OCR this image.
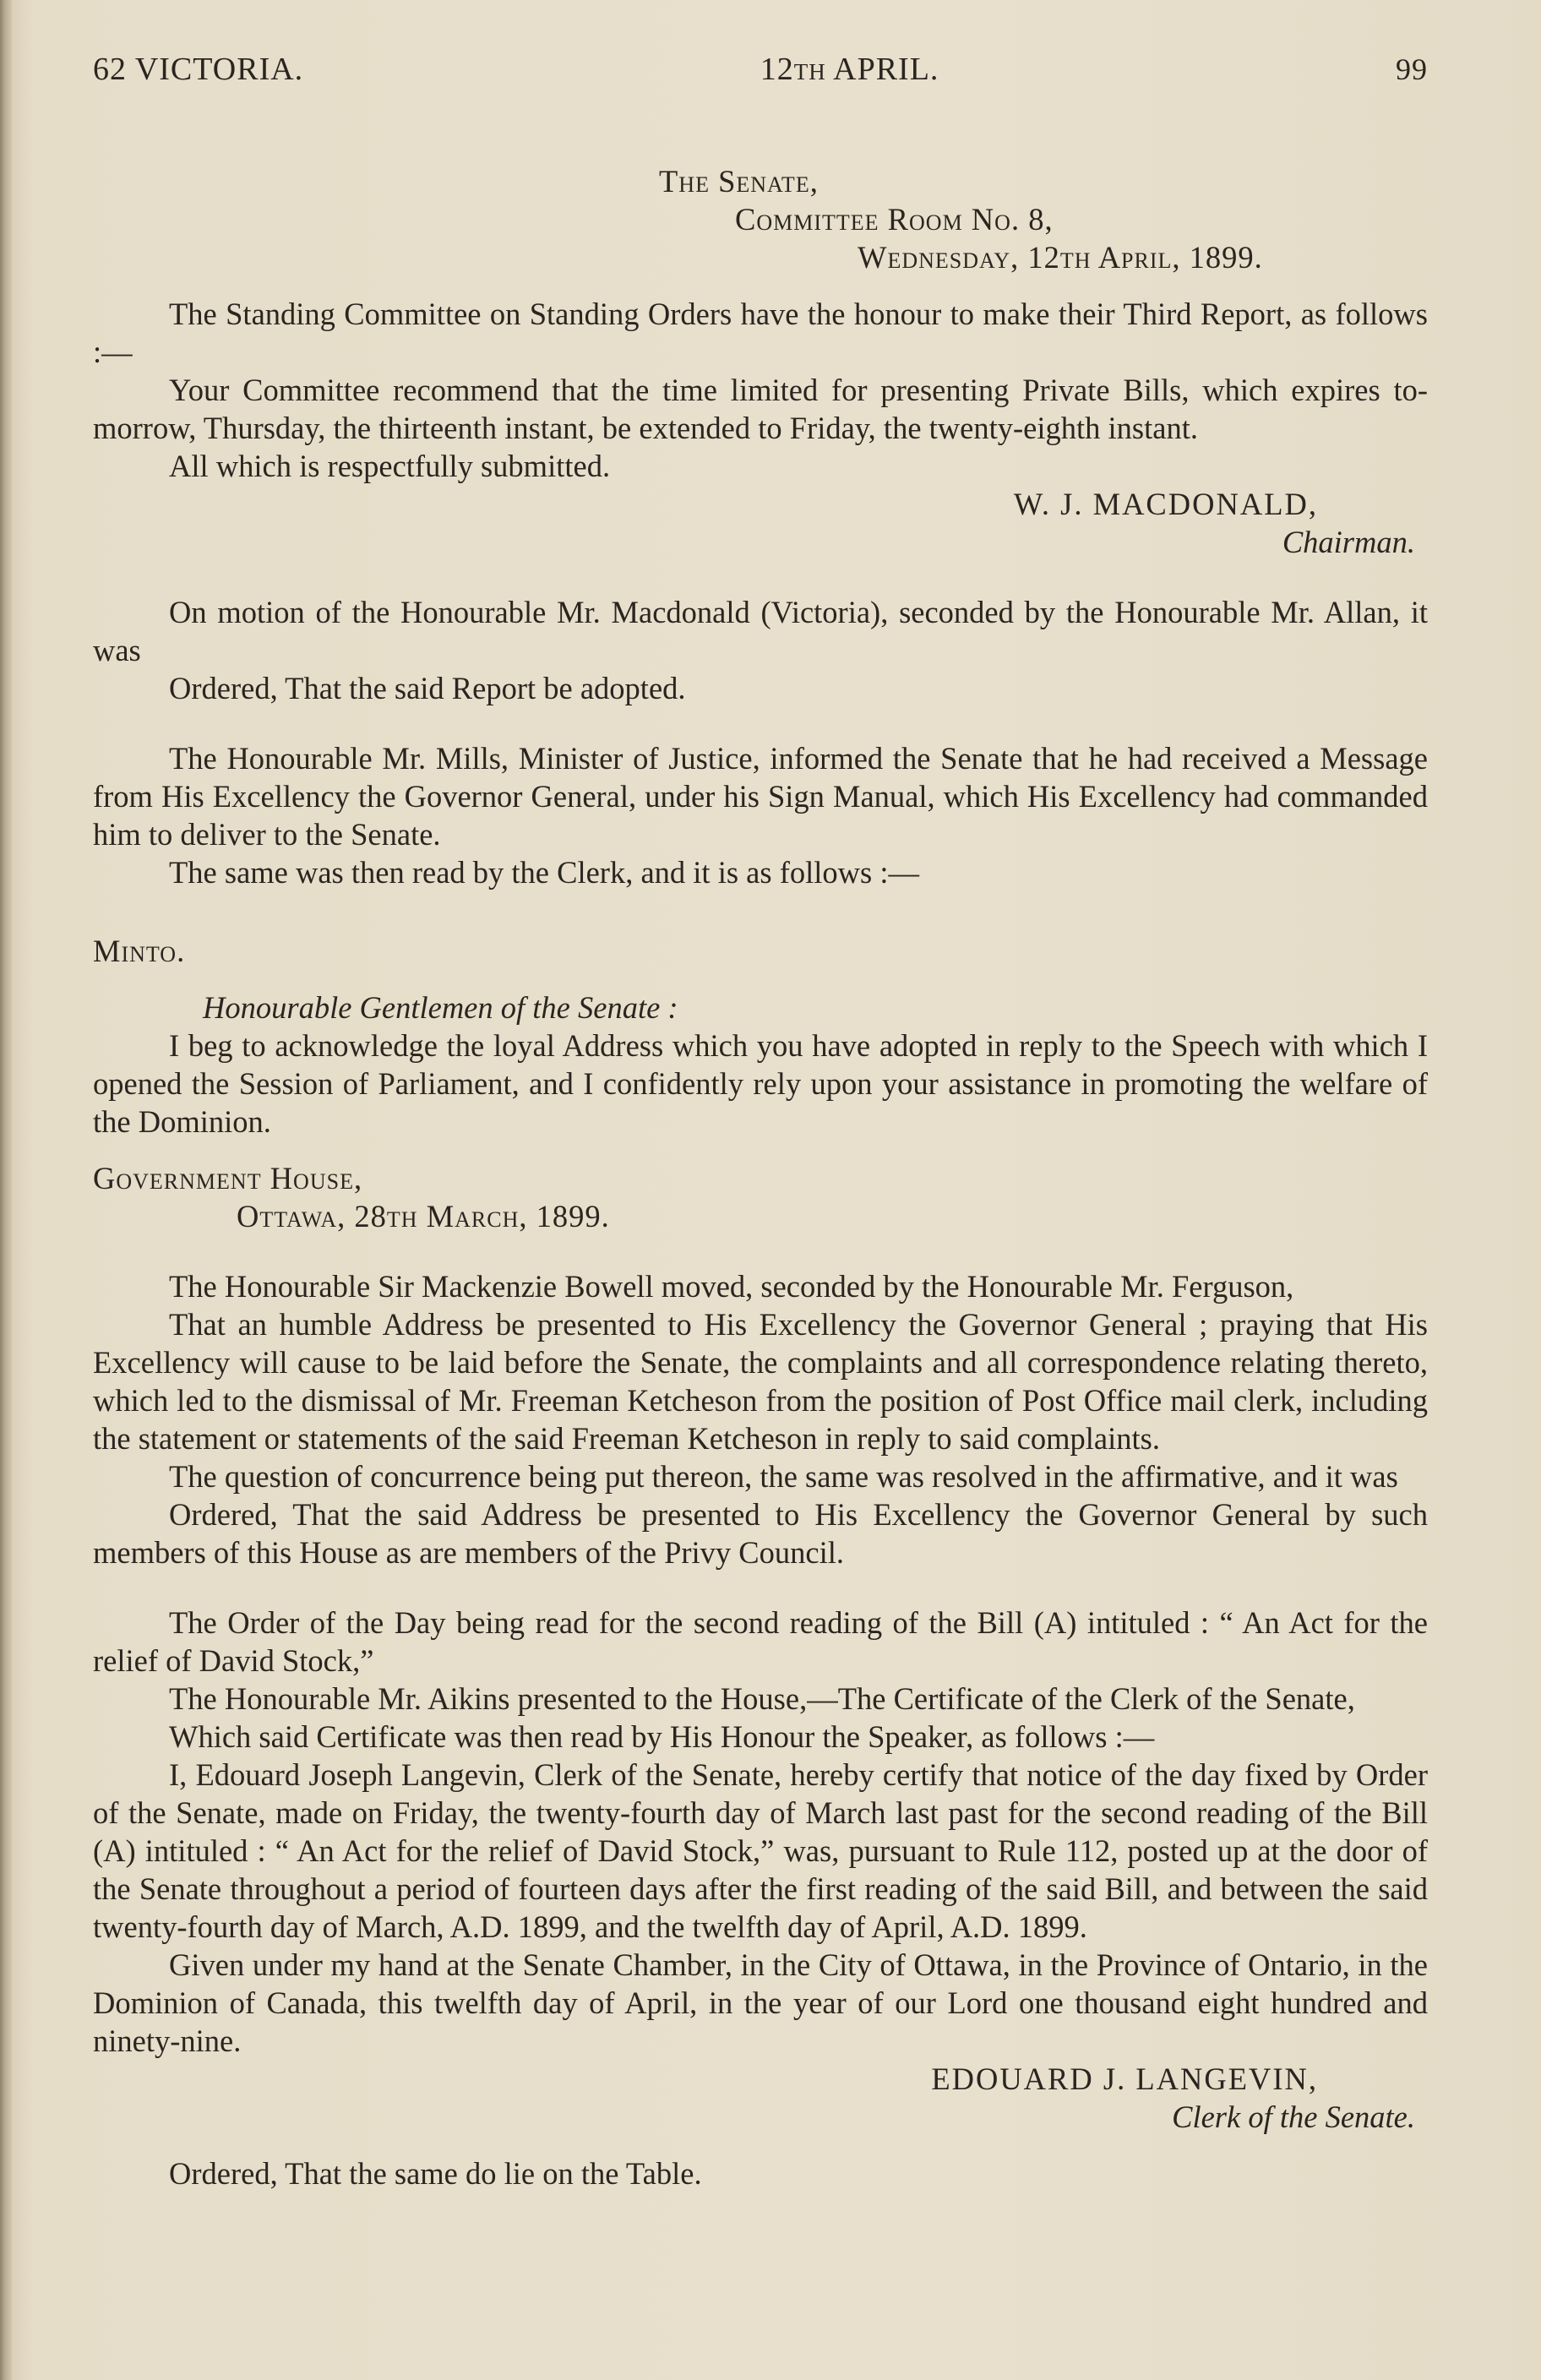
62 VICTORIA.	12th APRIL.	99
The Senate,
Committee Room No. 8,
Wednesday, 12th April, 1899.

The Standing Committee on Standing Orders have the honour to make their Third Report, as follows :—

Your Committee recommend that the time limited for presenting Private Bills, which expires to-morrow, Thursday, the thirteenth instant, be extended to Friday, the twenty-eighth instant.

All which is respectfully submitted.

W. J. MACDONALD,
Chairman.

On motion of the Honourable Mr. Macdonald (Victoria), seconded by the Honourable Mr. Allan, it was

Ordered, That the said Report be adopted.

The Honourable Mr. Mills, Minister of Justice, informed the Senate that he had received a Message from His Excellency the Governor General, under his Sign Manual, which His Excellency had commanded him to deliver to the Senate.

The same was then read by the Clerk, and it is as follows :—

Minto.
Honourable Gentlemen of the Senate :

I beg to acknowledge the loyal Address which you have adopted in reply to the Speech with which I opened the Session of Parliament, and I confidently rely upon your assistance in promoting the welfare of the Dominion.

Government House,
Ottawa, 28th March, 1899.

The Honourable Sir Mackenzie Bowell moved, seconded by the Honourable Mr. Ferguson,

That an humble Address be presented to His Excellency the Governor General ; praying that His Excellency will cause to be laid before the Senate, the complaints and all correspondence relating thereto, which led to the dismissal of Mr. Freeman Ketcheson from the position of Post Office mail clerk, including the statement or statements of the said Freeman Ketcheson in reply to said complaints.

The question of concurrence being put thereon, the same was resolved in the affirmative, and it was

Ordered, That the said Address be presented to His Excellency the Governor General by such members of this House as are members of the Privy Council.

The Order of the Day being read for the second reading of the Bill (A) intituled : “ An Act for the relief of David Stock,”

The Honourable Mr. Aikins presented to the House,—The Certificate of the Clerk of the Senate,

Which said Certificate was then read by His Honour the Speaker, as follows :—

I, Edouard Joseph Langevin, Clerk of the Senate, hereby certify that notice of the day fixed by Order of the Senate, made on Friday, the twenty-fourth day of March last past for the second reading of the Bill (A) intituled : “ An Act for the relief of David Stock,” was, pursuant to Rule 112, posted up at the door of the Senate throughout a period of fourteen days after the first reading of the said Bill, and between the said twenty-fourth day of March, A.D. 1899, and the twelfth day of April, A.D. 1899.

Given under my hand at the Senate Chamber, in the City of Ottawa, in the Province of Ontario, in the Dominion of Canada, this twelfth day of April, in the year of our Lord one thousand eight hundred and ninety-nine.

EDOUARD J. LANGEVIN,
Clerk of the Senate.

Ordered, That the same do lie on the Table.
